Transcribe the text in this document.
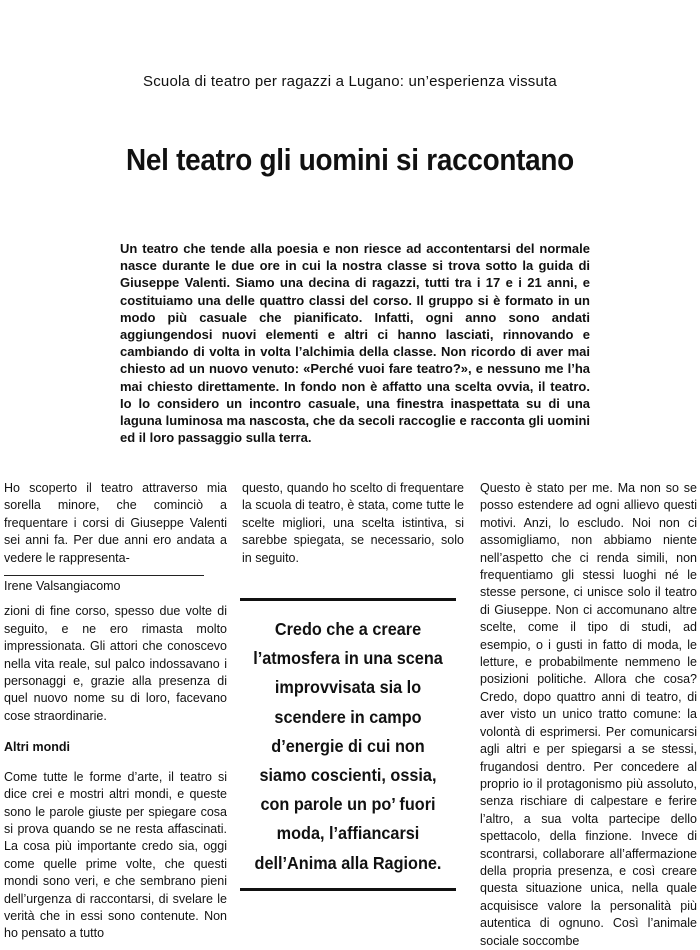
Scuola di teatro per ragazzi a Lugano: un’esperienza vissuta
Nel teatro gli uomini si raccontano
Un teatro che tende alla poesia e non riesce ad accontentarsi del normale nasce durante le due ore in cui la nostra classe si trova sotto la guida di Giuseppe Valenti. Siamo una decina di ragazzi, tutti tra i 17 e i 21 anni, e costituiamo una delle quattro classi del corso. Il gruppo si è formato in un modo più casuale che pianificato. Infatti, ogni anno sono andati aggiungendosi nuovi elementi e altri ci hanno lasciati, rinnovando e cambiando di volta in volta l’alchimia della classe. Non ricordo di aver mai chiesto ad un nuovo venuto: «Perché vuoi fare teatro?», e nessuno me l’ha mai chiesto direttamente. In fondo non è affatto una scelta ovvia, il teatro. Io lo considero un incontro casuale, una finestra inaspettata su di una laguna luminosa ma nascosta, che da secoli raccoglie e racconta gli uomini ed il loro passaggio sulla terra.

Ho scoperto il teatro attraverso mia sorella minore, che cominciò a frequentare i corsi di Giuseppe Valenti sei anni fa. Per due anni ero andata a vedere le rappresenta-

Irene Valsangiacomo

zioni di fine corso, spesso due volte di seguito, e ne ero rimasta molto impressionata. Gli attori che conoscevo nella vita reale, sul palco indossavano i personaggi e, grazie alla presenza di quel nuovo nome su di loro, facevano cose straordinarie.

Altri mondi

Come tutte le forme d’arte, il teatro si dice crei e mostri altri mondi, e queste sono le parole giuste per spiegare cosa si prova quando se ne resta affascinati. La cosa più importante credo sia, oggi come quelle prime volte, che questi mondi sono veri, e che sembrano pieni dell’urgenza di raccontarsi, di svelare le verità che in essi sono contenute. Non ho pensato a tutto

questo, quando ho scelto di frequentare la scuola di teatro, è stata, come tutte le scelte migliori, una scelta istintiva, si sarebbe spiegata, se necessario, solo in seguito.

Credo che a creare l’atmosfera in una scena improvvisata sia lo scendere in campo d’energie di cui non siamo coscienti, ossia, con parole un po’ fuori moda, l’affiancarsi dell’Anima alla Ragione.

Questo è stato per me. Ma non so se posso estendere ad ogni allievo questi motivi. Anzi, lo escludo. Noi non ci assomigliamo, non abbiamo niente nell’aspetto che ci renda simili, non frequentiamo gli stessi luoghi né le stesse persone, ci unisce solo il teatro di Giuseppe. Non ci accomunano altre scelte, come il tipo di studi, ad esempio, o i gusti in fatto di moda, le letture, e probabilmente nemmeno le posizioni politiche. Allora che cosa? Credo, dopo quattro anni di teatro, di aver visto un unico tratto comune: la volontà di esprimersi. Per comunicarsi agli altri e per spiegarsi a se stessi, frugandosi dentro. Per concedere al proprio io il protagonismo più assoluto, senza rischiare di calpestare e ferire l’altro, a sua volta partecipe dello spettacolo, della finzione. Invece di scontrarsi, collaborare all’affermazione della propria presenza, e così creare questa situazione unica, nella quale acquisisce valore la personalità più autentica di ognuno. Così l’animale sociale soccombe
